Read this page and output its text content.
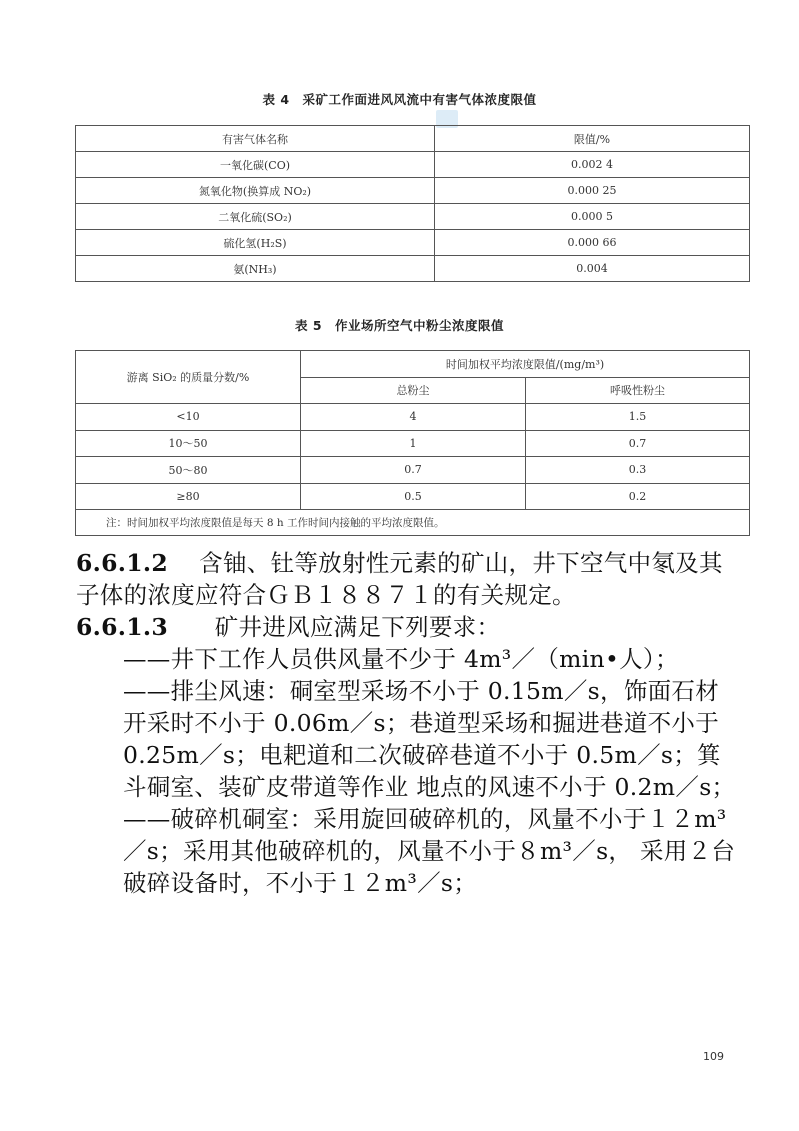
表 4　采矿工作面进风风流中有害气体浓度限值
有害气体名称	限值/%
一氧化碳(CO)	0.002 4
氮氧化物(换算成 NO₂)	0.000 25
二氧化硫(SO₂)	0.000 5
硫化氢(H₂S)	0.000 66
氨(NH₃)	0.004
表 5　作业场所空气中粉尘浓度限值
游离 SiO₂ 的质量分数/%	时间加权平均浓度限值/(mg/m³)	
	总粉尘	呼吸性粉尘
<10	4	1.5
10～50	1	0.7
50～80	0.7	0.3
≥80	0.5	0.2
注：时间加权平均浓度限值是每天 8 h 工作时间内接触的平均浓度限值。		

6.6.1.2 含铀、钍等放射性元素的矿山，井下空气中氡及其子体的浓度应符合ＧＢ１８８７１的有关规定。

6.6.1.3 矿井进风应满足下列要求：

——井下工作人员供风量不少于 4m³／（min•人）；

——排尘风速：硐室型采场不小于 0.15m／s，饰面石材开采时不小于 0.06m／s；巷道型采场和掘进巷道不小于 0.25m／s；电耙道和二次破碎巷道不小于 0.5m／s；箕斗硐室、装矿皮带道等作业 地点的风速不小于 0.2m／s；

——破碎机硐室：采用旋回破碎机的，风量不小于１２m³／s；采用其他破碎机的，风量不小于８m³／s， 采用２台破碎设备时，不小于１２m³／s；

109
